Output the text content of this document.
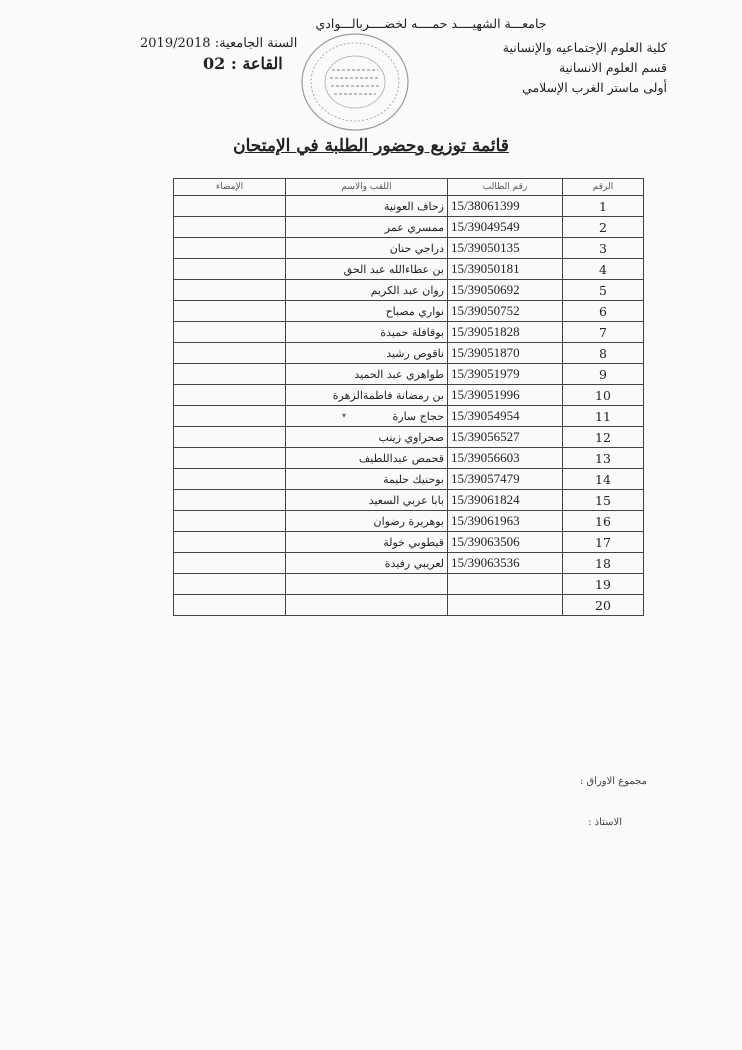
جامعـــة الشهيــــد حمــــه لخضــــربالـــوادي
كلية العلوم الإجتماعيه والإنسانية
قسم العلوم الانسانية
أولى ماستر الغرب الإسلامي
السنة الجامعية: 2019/2018
القاعة : 02
قائمة توزيع وحضور الطلبة في الإمتحان
الرقم	رقم الطالب	اللقب والاسم	الإمضاء
1	15/38061399	زحاف العونية	
2	15/39049549	ممسري عمر	
3	15/39050135	دراجي حنان	
4	15/39050181	بن عطاءالله عبد الحق	
5	15/39050692	روان عبد الكريم	
6	15/39050752	نواري مصباح	
7	15/39051828	بوقافلة حميدة	
8	15/39051870	ناقوص رشيد	
9	15/39051979	طواهري عبد الحميد	
10	15/39051996	بن رمضانة فاطمةالزهرة	
11	15/39054954	حجاج سارة	
12	15/39056527	صحراوي زينب	
13	15/39056603	قحمص عبداللطيف	
14	15/39057479	بوحنيك حليمة	
15	15/39061824	بابا عربي السعيد	
16	15/39061963	بوهريرة رضوان	
17	15/39063506	قيطوبي خولة	
18	15/39063536	لعريبي رفيدة	
19			
20			
▾
مجموع الاوراق :
الاستاذ :
